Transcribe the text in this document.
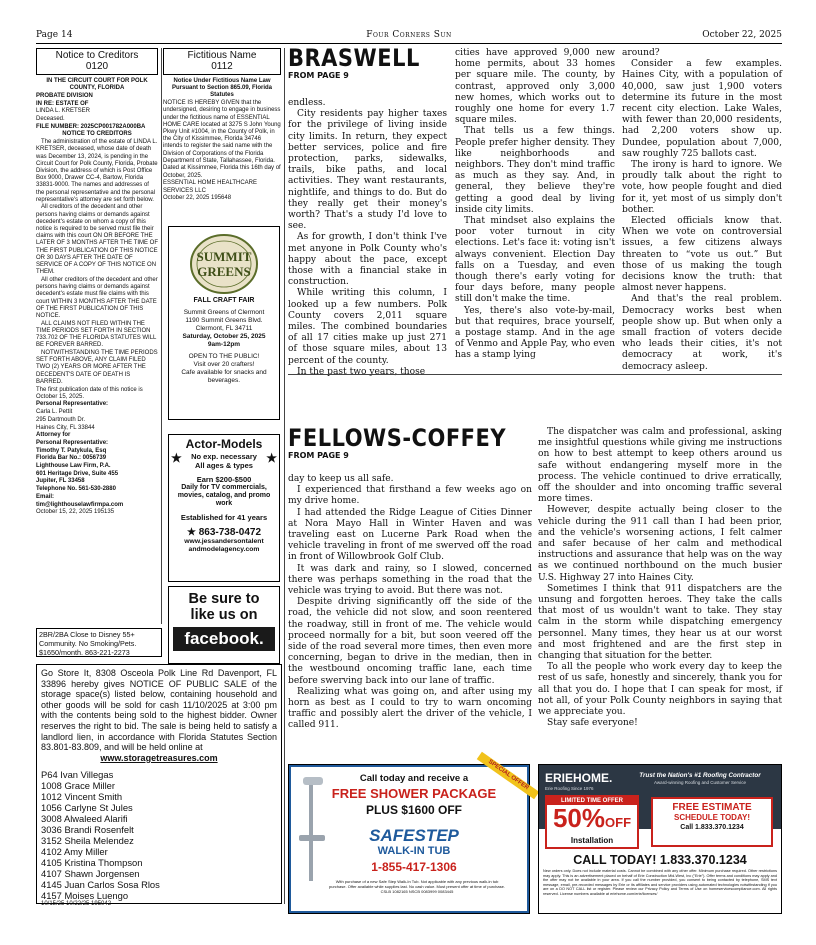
Page 14	Four Corners Sun	October 22, 2025
Notice to Creditors
0120

IN THE CIRCUIT COURT FOR POLK COUNTY, FLORIDA

PROBATE DIVISION

IN RE: ESTATE OF

LINDA L. KRETSER

Deceased.

FILE NUMBER: 2025CP001782A000BA

NOTICE TO CREDITORS

The administration of the estate of LINDA L. KRETSER, deceased, whose date of death was December 13, 2024, is pending in the Circuit Court for Polk County, Florida, Probate Division, the address of which is Post Office Box 9000, Drawer CC-4, Bartow, Florida 33831-9000. The names and addresses of the personal representative and the personal representative's attorney are set forth below.

All creditors of the decedent and other persons having claims or demands against decedent's estate on whom a copy of this notice is required to be served must file their claims with this court ON OR BEFORE THE LATER OF 3 MONTHS AFTER THE TIME OF THE FIRST PUBLICATION OF THIS NOTICE OR 30 DAYS AFTER THE DATE OF SERVICE OF A COPY OF THIS NOTICE ON THEM.

All other creditors of the decedent and other persons having claims or demands against decedent's estate must file claims with this court WITHIN 3 MONTHS AFTER THE DATE OF THE FIRST PUBLICATION OF THIS NOTICE.

ALL CLAIMS NOT FILED WITHIN THE TIME PERIODS SET FORTH IN SECTION 733.702 OF THE FLORIDA STATUTES WILL BE FOREVER BARRED.

NOTWITHSTANDING THE TIME PERIODS SET FORTH ABOVE, ANY CLAIM FILED TWO (2) YEARS OR MORE AFTER THE DECEDENT'S DATE OF DEATH IS BARRED.

The first publication date of this notice is October 15, 2025.

Personal Representative:

Carla L. Pettit

295 Dartmouth Dr.

Haines City, FL 33844

Attorney for

Personal Representative:

Timothy T. Patykula, Esq

Florida Bar No.: 0056739

Lighthouse Law Firm, P.A.

601 Heritage Drive, Suite 455

Jupiter, FL 33458

Telephone No. 561-530-2880

Email:

tim@lighthouselawfirmpa.com

October 15, 22, 2025 195135

Fictitious Name
0112

Notice Under Fictitious Name Law Pursuant to Section 865.09, Florida Statutes

NOTICE IS HEREBY GIVEN that the undersigned, desiring to engage in business under the fictitious name of ESSENTIAL HOME CARE located at 3275 S John Young Pkwy Unit #1004, in the County of Polk, in the City of Kissimmee, Florida 34746 intends to register the said name with the Division of Corporations of the Florida Department of State, Tallahassee, Florida.

Dated at Kissimmee, Florida this 16th day of October, 2025.

ESSENTIAL HOME HEALTHCARE SERVICES LLC

October 22, 2025 195648

SUMMIT
GREENS
FALL CRAFT FAIR
Summit Greens of Clermont
1190 Summit Greens Blvd.
Clermont, FL 34711
Saturday, October 25, 2025
9am-12pm
OPEN TO THE PUBLIC!
Visit over 20 crafters!
Cafe available for snacks and beverages.
Actor-Models
★	No exp. necessary
All ages & types
★
Earn $200-$500
Daily for TV commercials, movies, catalog, and promo work
Established for 41 years
★ 863-738-0472
www.jessandersontalent andmodelagency.com
Be sure to
like us on
facebook.
2BR/2BA Close to Disney 55+ Community. No Smoking/Pets. $1650/month. 863-221-2273
Go Store It, 8308 Osceola Polk Line Rd Davenport, FL 33896 hereby gives NOTICE OF PUBLIC SALE of the storage space(s) listed below, containing household and other goods will be sold for cash 11/10/2025 at 3:00 pm with the contents being sold to the highest bidder. Owner reserves the right to bid. The sale is being held to satisfy a landlord lien, in accordance with Florida Statutes Section 83.801-83.809, and will be held online at
www.storagetreasures.com
P64 Ivan Villegas
1008 Grace Miller
1012 Vincent Smith
1056 Carlyne St Jules
3008 Alwaleed Alarifi
3036 Brandi Rosenfelt
3152 Sheila Melendez
4102 Amy Miller
4105 Kristina Thompson
4107 Shawn Jorgensen
4145 Juan Carlos Sosa Rlos
4157 Moises Luengo
10/15/25 10/22/25 195042
BRASWELL
FROM PAGE 9

endless.

City residents pay higher taxes for the privilege of living inside city limits. In return, they expect better services, police and fire protection, parks, sidewalks, trails, bike paths, and local activities. They want restaurants, nightlife, and things to do. But do they really get their money's worth? That's a study I'd love to see.

As for growth, I don't think I've met anyone in Polk County who's happy about the pace, except those with a financial stake in construction.

While writing this column, I looked up a few numbers. Polk County covers 2,011 square miles. The combined boundaries of all 17 cities make up just 271 of those square miles, about 13 percent of the county.

In the past two years, those

cities have approved 9,000 new home permits, about 33 homes per square mile. The county, by contrast, approved only 3,000 new homes, which works out to roughly one home for every 1.7 square miles.

That tells us a few things. People prefer higher density. They like neighborhoods and neighbors. They don't mind traffic as much as they say. And, in general, they believe they're getting a good deal by living inside city limits.

That mindset also explains the poor voter turnout in city elections. Let's face it: voting isn't always convenient. Election Day falls on a Tuesday, and even though there's early voting for four days before, many people still don't make the time.

Yes, there's also vote-by-mail, but that requires, brace yourself, a postage stamp. And in the age of Venmo and Apple Pay, who even has a stamp lying

around?

Consider a few examples. Haines City, with a population of 40,000, saw just 1,900 voters determine its future in the most recent city election. Lake Wales, with fewer than 20,000 residents, had 2,200 voters show up. Dundee, population about 7,000, saw roughly 725 ballots cast.

The irony is hard to ignore. We proudly talk about the right to vote, how people fought and died for it, yet most of us simply don't bother.

Elected officials know that. When we vote on controversial issues, a few citizens always threaten to “vote us out.” But those of us making the tough decisions know the truth: that almost never happens.

And that's the real problem. Democracy works best when people show up. But when only a small fraction of voters decide who leads their cities, it's not democracy at work, it's democracy asleep.

FELLOWS-COFFEY
FROM PAGE 9

day to keep us all safe.

I experienced that firsthand a few weeks ago on my drive home.

I had attended the Ridge League of Cities Dinner at Nora Mayo Hall in Winter Haven and was traveling east on Lucerne Park Road when the vehicle traveling in front of me swerved off the road in front of Willowbrook Golf Club.

It was dark and rainy, so I slowed, concerned there was perhaps something in the road that the vehicle was trying to avoid. But there was not.

Despite driving significantly off the side of the road, the vehicle did not slow, and soon reentered the roadway, still in front of me. The vehicle would proceed normally for a bit, but soon veered off the side of the road several more times, then even more concerning, began to drive in the median, then in the westbound oncoming traffic lane, each time before swerving back into our lane of traffic.

Realizing what was going on, and after using my horn as best as I could to try to warn oncoming traffic and possibly alert the driver of the vehicle, I called 911.

The dispatcher was calm and professional, asking me insightful questions while giving me instructions on how to best attempt to keep others around us safe without endangering myself more in the process. The vehicle continued to drive erratically, off the shoulder and into oncoming traffic several more times.

However, despite actually being closer to the vehicle during the 911 call than I had been prior, and the vehicle's worsening actions, I felt calmer and safer because of her calm and methodical instructions and assurance that help was on the way as we continued northbound on the much busier U.S. Highway 27 into Haines City.

Sometimes I think that 911 dispatchers are the unsung and forgotten heroes. They take the calls that most of us wouldn't want to take. They stay calm in the storm while dispatching emergency personnel. Many times, they hear us at our worst and most frightened and are the first step in changing that situation for the better.

To all the people who work every day to keep the rest of us safe, honestly and sincerely, thank you for all that you do. I hope that I can speak for most, if not all, of your Polk County neighbors in saying that we appreciate you.

Stay safe everyone!

SPECIAL OFFER
Call today and receive a
FREE SHOWER PACKAGE
PLUS $1600 OFF
SAFESTEP
WALK-IN TUB
1-855-417-1306
With purchase of a new Safe Step Walk-In Tub. Not applicable with any previous walk-in tub purchase. Offer available while supplies last. No cash value. Must present offer at time of purchase. CSLB 1082165 NSCB 0083999 0083445
ERIEHOME.
Erie Roofing Since 1976
Trust the Nation's #1 Roofing Contractor
Award-winning Roofing and Customer Service
LIMITED TIME OFFER
50%OFF
Installation
FREE ESTIMATE
SCHEDULE TODAY!
Call 1.833.370.1234
CALL TODAY! 1.833.370.1234
New orders only. Does not include material costs. Cannot be combined with any other offer. Minimum purchase required. Other restrictions may apply. This is an advertisement placed on behalf of Erie Construction Mid-West, Inc ("Erie"). Offer terms and conditions may apply and the offer may not be available in your area. If you call the number provided, you consent to being contacted by telephone, SMS text message, email, pre-recorded messages by Erie or its affiliates and service providers using automated technologies notwithstanding if you are on a DO NOT CALL list or register. Please review our Privacy Policy and Terms of Use on homeservicescompliance.com. All rights reserved. License numbers available at eriehome.com/erie/licenses/
